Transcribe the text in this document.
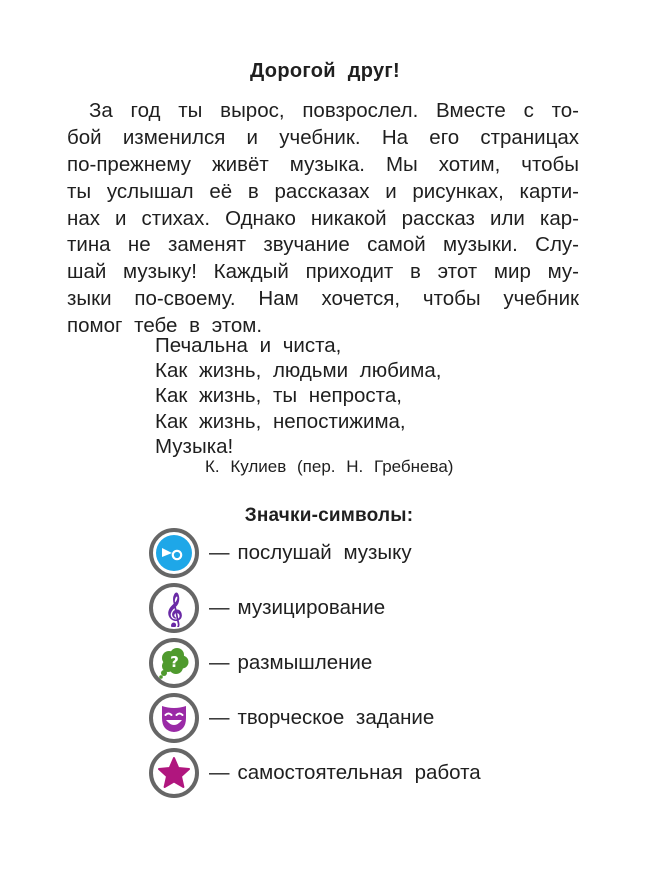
Дорогой друг!
За год ты вырос, повзрослел. Вместе с то-
бой изменился и учебник. На его страницах
по-прежнему живёт музыка. Мы хотим, чтобы
ты услышал её в рассказах и рисунках, карти-
нах и стихах. Однако никакой рассказ или кар-
тина не заменят звучание самой музыки. Слу-
шай музыку! Каждый приходит в этот мир му-
зыки по-своему. Нам хочется, чтобы учебник
помог тебе в этом.
Печальна и чиста,
Как жизнь, людьми любима,
Как жизнь, ты непроста,
Как жизнь, непостижима,
Музыка!
К. Кулиев (пер. Н. Гребнева)
Значки-символы:
— послушай музыку
𝄞 — музицирование
? — размышление
— творческое задание
— самостоятельная работа
